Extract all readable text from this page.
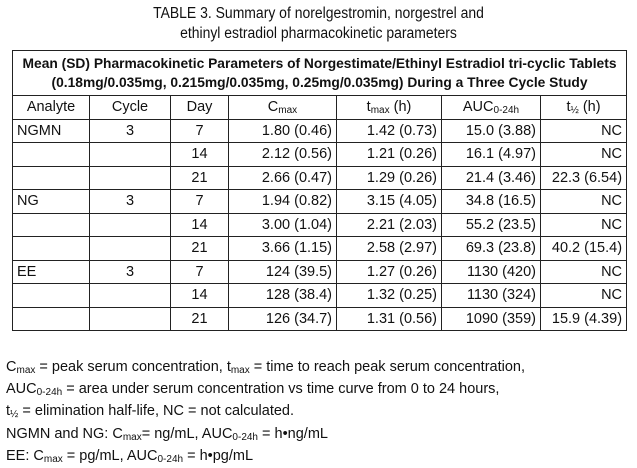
TABLE 3. Summary of norelgestromin, norgestrel and
ethinyl estradiol pharmacokinetic parameters
Mean (SD) Pharmacokinetic Parameters of Norgestimate/Ethinyl Estradiol tri-cyclic Tablets
(0.18mg/0.035mg, 0.215mg/0.035mg, 0.25mg/0.035mg) During a Three Cycle Study						

Analyte	Cycle	Day	Cmax	tmax (h)	AUC0-24h	t½ (h)
NGMN	3	7	1.80 (0.46)	1.42 (0.73)	15.0 (3.88)	NC
		14	2.12 (0.56)	1.21 (0.26)	16.1 (4.97)	NC
		21	2.66 (0.47)	1.29 (0.26)	21.4 (3.46)	22.3 (6.54)
NG	3	7	1.94 (0.82)	3.15 (4.05)	34.8 (16.5)	NC
		14	3.00 (1.04)	2.21 (2.03)	55.2 (23.5)	NC
		21	3.66 (1.15)	2.58 (2.97)	69.3 (23.8)	40.2 (15.4)
EE	3	7	124 (39.5)	1.27 (0.26)	1130 (420)	NC
		14	128 (38.4)	1.32 (0.25)	1130 (324)	NC
		21	126 (34.7)	1.31 (0.56)	1090 (359)	15.9 (4.39)
Cmax = peak serum concentration, tmax = time to reach peak serum concentration,
AUC0-24h = area under serum concentration vs time curve from 0 to 24 hours,
t½ = elimination half-life, NC = not calculated.
NGMN and NG: Cmax= ng/mL, AUC0-24h = h•ng/mL
EE: Cmax = pg/mL, AUC0-24h = h•pg/mL
